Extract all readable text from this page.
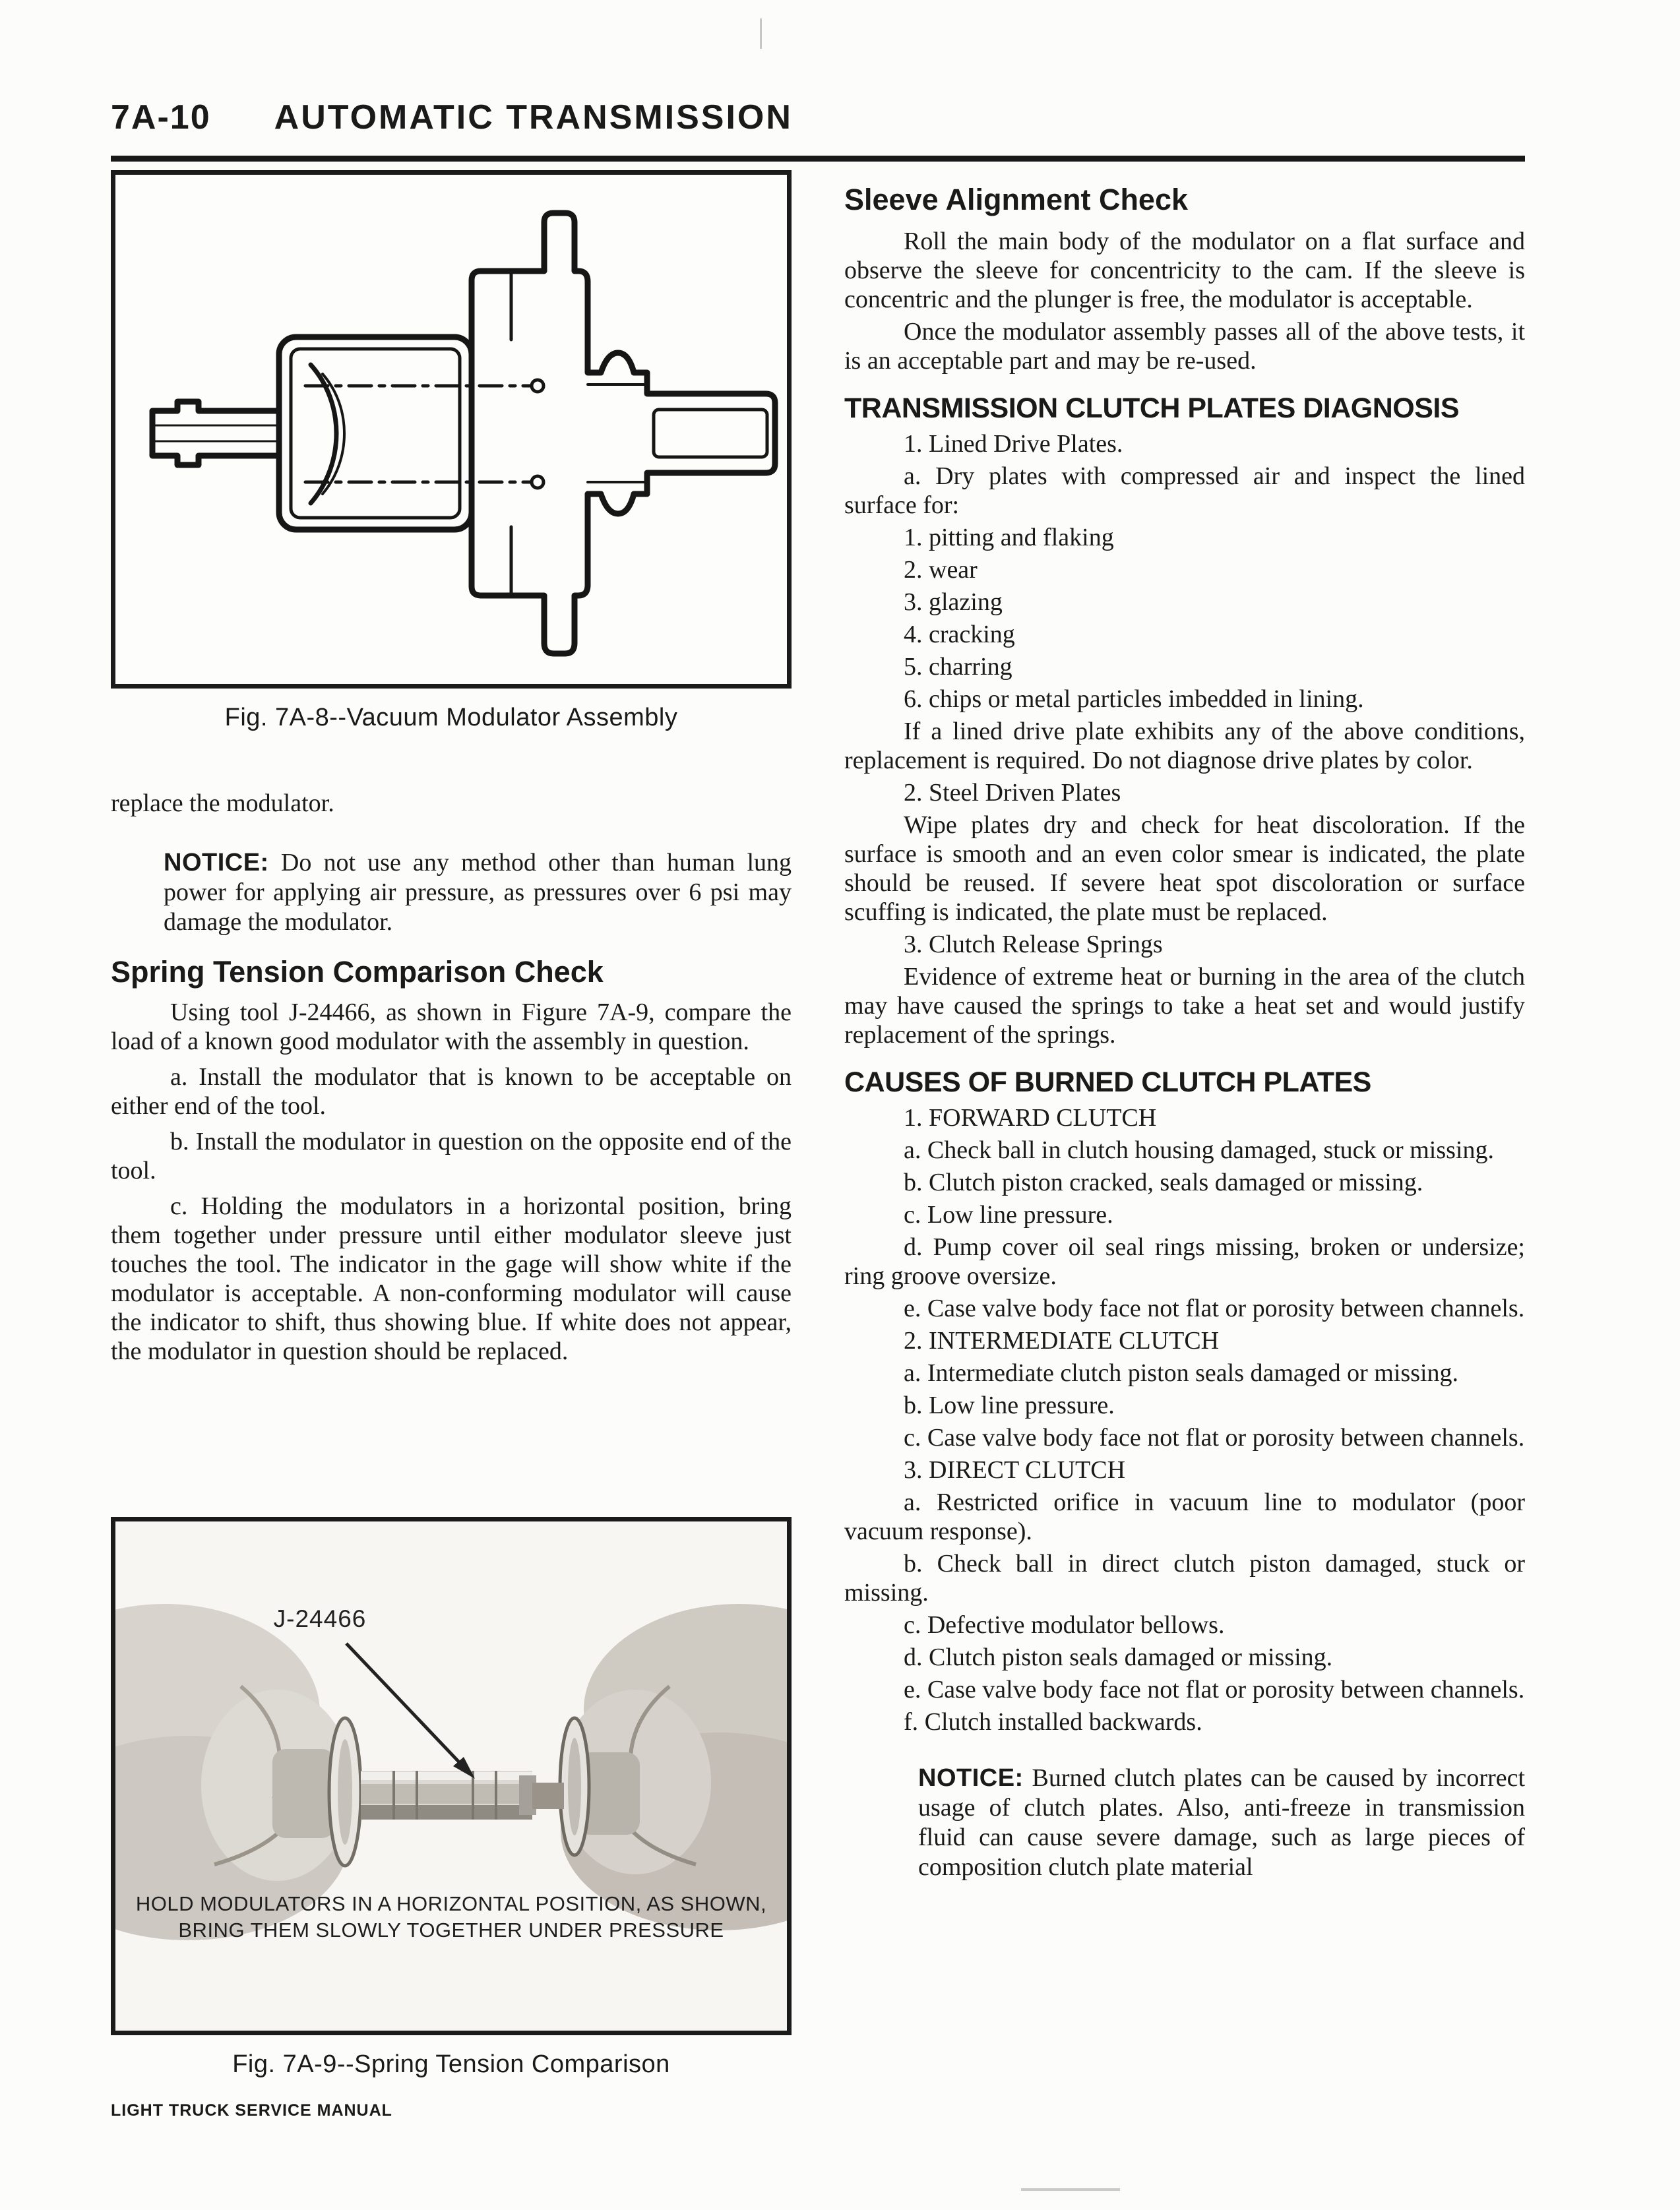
7A-10 AUTOMATIC TRANSMISSION
Fig. 7A-8--Vacuum Modulator Assembly

replace the modulator.

NOTICE: Do not use any method other than human lung power for applying air pressure, as pressures over 6 psi may damage the modulator.

Spring Tension Comparison Check

Using tool J-24466, as shown in Figure 7A-9, compare the load of a known good modulator with the assembly in question.

a. Install the modulator that is known to be acceptable on either end of the tool.

b. Install the modulator in question on the opposite end of the tool.

c. Holding the modulators in a horizontal position, bring them together under pressure until either modulator sleeve just touches the tool. The indicator in the gage will show white if the modulator is acceptable. A non-conforming modulator will cause the indicator to shift, thus showing blue. If white does not appear, the modulator in question should be replaced.

J-24466
HOLD MODULATORS IN A HORIZONTAL POSITION, AS SHOWN,
BRING THEM SLOWLY TOGETHER UNDER PRESSURE
Fig. 7A-9--Spring Tension Comparison
Sleeve Alignment Check

Roll the main body of the modulator on a flat surface and observe the sleeve for concentricity to the cam. If the sleeve is concentric and the plunger is free, the modulator is acceptable.

Once the modulator assembly passes all of the above tests, it is an acceptable part and may be re-used.

TRANSMISSION CLUTCH PLATES DIAGNOSIS

1. Lined Drive Plates.

a. Dry plates with compressed air and inspect the lined surface for:

1. pitting and flaking

2. wear

3. glazing

4. cracking

5. charring

6. chips or metal particles imbedded in lining.

If a lined drive plate exhibits any of the above conditions, replacement is required. Do not diagnose drive plates by color.

2. Steel Driven Plates

Wipe plates dry and check for heat discoloration. If the surface is smooth and an even color smear is indicated, the plate should be reused. If severe heat spot discoloration or surface scuffing is indicated, the plate must be replaced.

3. Clutch Release Springs

Evidence of extreme heat or burning in the area of the clutch may have caused the springs to take a heat set and would justify replacement of the springs.

CAUSES OF BURNED CLUTCH PLATES

1. FORWARD CLUTCH

a. Check ball in clutch housing damaged, stuck or missing.

b. Clutch piston cracked, seals damaged or missing.

c. Low line pressure.

d. Pump cover oil seal rings missing, broken or undersize; ring groove oversize.

e. Case valve body face not flat or porosity between channels.

2. INTERMEDIATE CLUTCH

a. Intermediate clutch piston seals damaged or missing.

b. Low line pressure.

c. Case valve body face not flat or porosity between channels.

3. DIRECT CLUTCH

a. Restricted orifice in vacuum line to modulator (poor vacuum response).

b. Check ball in direct clutch piston damaged, stuck or missing.

c. Defective modulator bellows.

d. Clutch piston seals damaged or missing.

e. Case valve body face not flat or porosity between channels.

f. Clutch installed backwards.

NOTICE: Burned clutch plates can be caused by incorrect usage of clutch plates. Also, anti-freeze in transmission fluid can cause severe damage, such as large pieces of composition clutch plate material

LIGHT TRUCK SERVICE MANUAL
